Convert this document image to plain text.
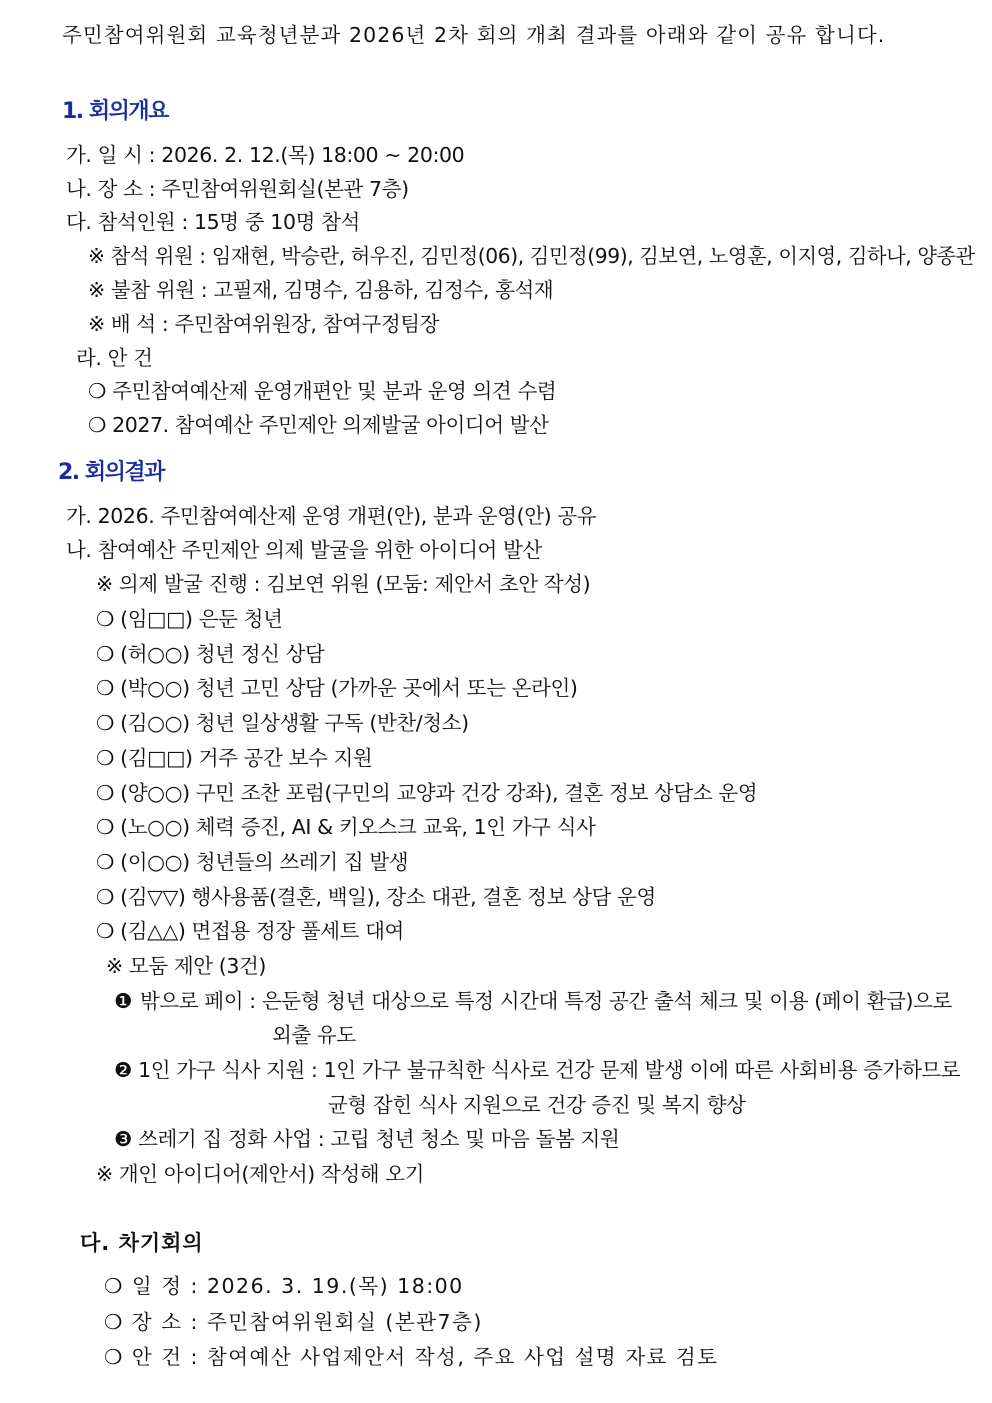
주민참여위원회 교육청년분과 2026년 2차 회의 개최 결과를 아래와 같이 공유 합니다.
1. 회의개요
가. 일 시 : 2026. 2. 12.(목) 18:00 ~ 20:00
나. 장 소 : 주민참여위원회실(본관 7층)
다. 참석인원 : 15명 중 10명 참석
※ 참석 위원 : 임재현, 박승란, 허우진, 김민정(06), 김민정(99), 김보연, 노영훈, 이지영, 김하나, 양종관
※ 불참 위원 : 고필재, 김명수, 김용하, 김정수, 홍석재
※ 배 석 : 주민참여위원장, 참여구정팀장
라. 안 건
❍ 주민참여예산제 운영개편안 및 분과 운영 의견 수렴
❍ 2027. 참여예산 주민제안 의제발굴 아이디어 발산
2. 회의결과
가. 2026. 주민참여예산제 운영 개편(안), 분과 운영(안) 공유
나. 참여예산 주민제안 의제 발굴을 위한 아이디어 발산
※ 의제 발굴 진행 : 김보연 위원 (모둠: 제안서 초안 작성)
❍ (임□□) 은둔 청년
❍ (허○○) 청년 정신 상담
❍ (박○○) 청년 고민 상담 (가까운 곳에서 또는 온라인)
❍ (김○○) 청년 일상생활 구독 (반찬/청소)
❍ (김□□) 거주 공간 보수 지원
❍ (양○○) 구민 조찬 포럼(구민의 교양과 건강 강좌), 결혼 정보 상담소 운영
❍ (노○○) 체력 증진, AI & 키오스크 교육, 1인 가구 식사
❍ (이○○) 청년들의 쓰레기 집 발생
❍ (김▽▽) 행사용품(결혼, 백일), 장소 대관, 결혼 정보 상담 운영
❍ (김△△) 면접용 정장 풀세트 대여
※ 모둠 제안 (3건)
❶ 밖으로 페이 : 은둔형 청년 대상으로 특정 시간대 특정 공간 출석 체크 및 이용 (페이 환급)으로
외출 유도
❷ 1인 가구 식사 지원 : 1인 가구 불규칙한 식사로 건강 문제 발생 이에 따른 사회비용 증가하므로
균형 잡힌 식사 지원으로 건강 증진 및 복지 향상
❸ 쓰레기 집 정화 사업 : 고립 청년 청소 및 마음 돌봄 지원
※ 개인 아이디어(제안서) 작성해 오기
다. 차기회의
❍ 일 정 : 2026. 3. 19.(목) 18:00
❍ 장 소 : 주민참여위원회실 (본관7층)
❍ 안 건 : 참여예산 사업제안서 작성, 주요 사업 설명 자료 검토
